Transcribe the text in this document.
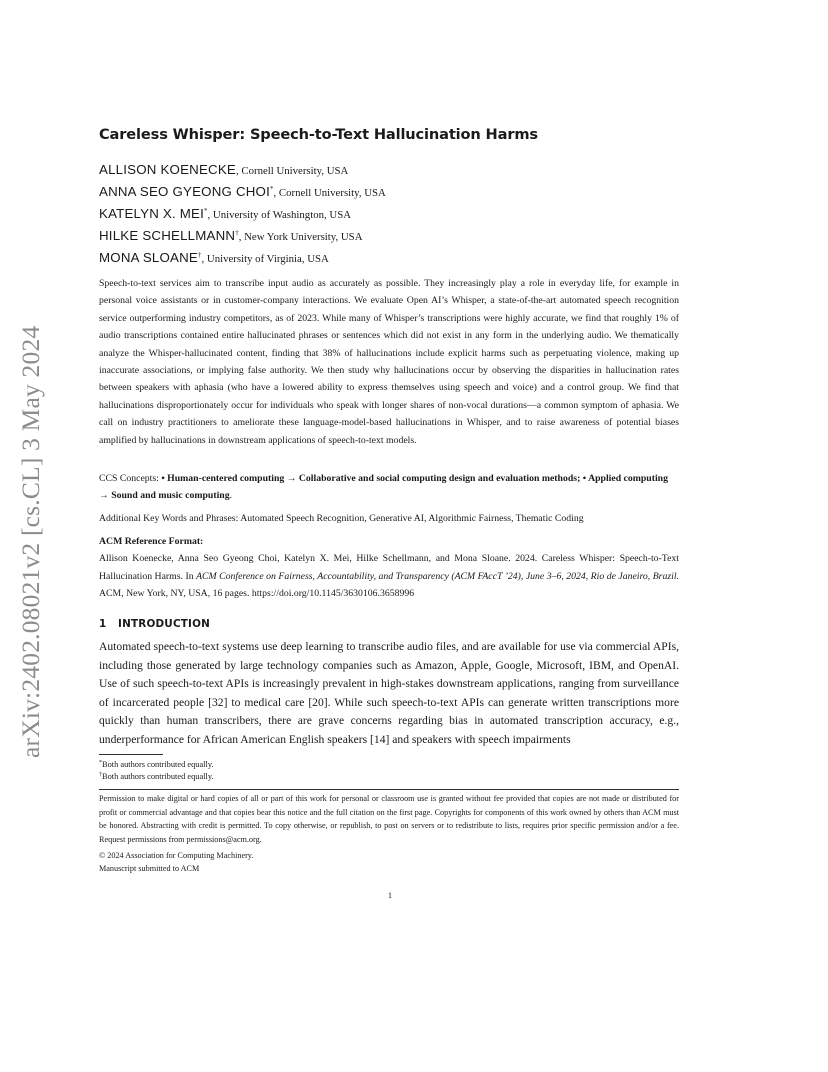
arXiv:2402.08021v2 [cs.CL] 3 May 2024
Careless Whisper: Speech-to-Text Hallucination Harms
ALLISON KOENECKE, Cornell University, USA
ANNA SEO GYEONG CHOI*, Cornell University, USA
KATELYN X. MEI*, University of Washington, USA
HILKE SCHELLMANN†, New York University, USA
MONA SLOANE†, University of Virginia, USA
Speech-to-text services aim to transcribe input audio as accurately as possible. They increasingly play a role in everyday life, for example in personal voice assistants or in customer-company interactions. We evaluate Open AI’s Whisper, a state-of-the-art automated speech recognition service outperforming industry competitors, as of 2023. While many of Whisper’s transcriptions were highly accurate, we find that roughly 1% of audio transcriptions contained entire hallucinated phrases or sentences which did not exist in any form in the underlying audio. We thematically analyze the Whisper-hallucinated content, finding that 38% of hallucinations include explicit harms such as perpetuating violence, making up inaccurate associations, or implying false authority. We then study why hallucinations occur by observing the disparities in hallucination rates between speakers with aphasia (who have a lowered ability to express themselves using speech and voice) and a control group. We find that hallucinations disproportionately occur for individuals who speak with longer shares of non-vocal durations—a common symptom of aphasia. We call on industry practitioners to ameliorate these language-model-based hallucinations in Whisper, and to raise awareness of potential biases amplified by hallucinations in downstream applications of speech-to-text models.
CCS Concepts: • Human-centered computing → Collaborative and social computing design and evaluation methods; • Applied computing → Sound and music computing.
Additional Key Words and Phrases: Automated Speech Recognition, Generative AI, Algorithmic Fairness, Thematic Coding
ACM Reference Format:
Allison Koenecke, Anna Seo Gyeong Choi, Katelyn X. Mei, Hilke Schellmann, and Mona Sloane. 2024. Careless Whisper: Speech-to-Text Hallucination Harms. In ACM Conference on Fairness, Accountability, and Transparency (ACM FAccT ’24), June 3–6, 2024, Rio de Janeiro, Brazil. ACM, New York, NY, USA, 16 pages. https://doi.org/10.1145/3630106.3658996
1 INTRODUCTION
Automated speech-to-text systems use deep learning to transcribe audio files, and are available for use via commercial APIs, including those generated by large technology companies such as Amazon, Apple, Google, Microsoft, IBM, and OpenAI. Use of such speech-to-text APIs is increasingly prevalent in high-stakes downstream applications, ranging from surveillance of incarcerated people [32] to medical care [20]. While such speech-to-text APIs can generate written transcriptions more quickly than human transcribers, there are grave concerns regarding bias in automated transcription accuracy, e.g., underperformance for African American English speakers [14] and speakers with speech impairments
*Both authors contributed equally.
†Both authors contributed equally.
Permission to make digital or hard copies of all or part of this work for personal or classroom use is granted without fee provided that copies are not made or distributed for profit or commercial advantage and that copies bear this notice and the full citation on the first page. Copyrights for components of this work owned by others than ACM must be honored. Abstracting with credit is permitted. To copy otherwise, or republish, to post on servers or to redistribute to lists, requires prior specific permission and/or a fee. Request permissions from permissions@acm.org.
© 2024 Association for Computing Machinery.
Manuscript submitted to ACM
1
